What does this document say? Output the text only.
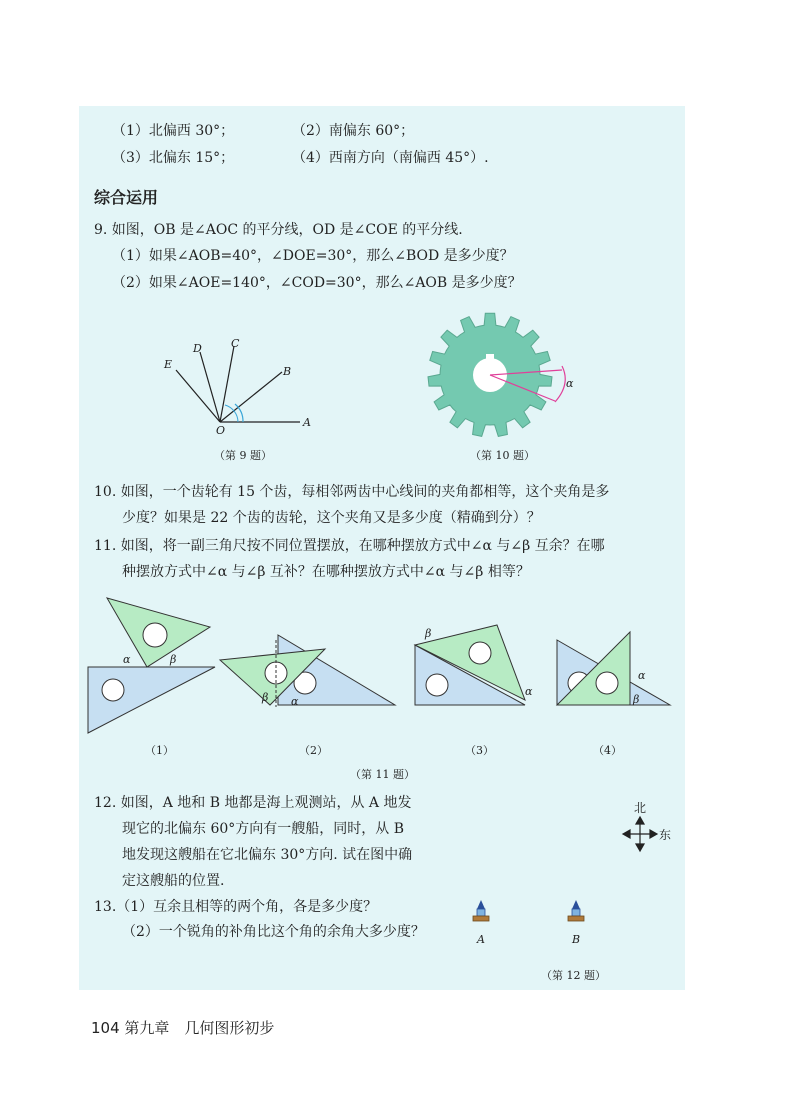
（1）北偏西 30°；	（2）南偏东 60°；
（3）北偏东 15°；	（4）西南方向（南偏西 45°）.
综合运用
9. 如图，OB 是∠AOC 的平分线，OD 是∠COE 的平分线.
（1）如果∠AOB=40°，∠DOE=30°，那么∠BOD 是多少度？
（2）如果∠AOE=140°，∠COD=30°，那么∠AOB 是多少度？
A
B
C
D
E
O
（第 9 题）
α
（第 10 题）
10. 如图，一个齿轮有 15 个齿，每相邻两齿中心线间的夹角都相等，这个夹角是多
少度？如果是 22 个齿的齿轮，这个夹角又是多少度（精确到分）？
11. 如图，将一副三角尺按不同位置摆放，在哪种摆放方式中∠α 与∠β 互余？在哪
种摆放方式中∠α 与∠β 互补？在哪种摆放方式中∠α 与∠β 相等？
α	β
β α
β
α
α
β
（1）	（2）	（3）	（4）
（第 11 题）
12. 如图，A 地和 B 地都是海上观测站，从 A 地发
现它的北偏东 60°方向有一艘船，同时，从 B
地发现这艘船在它北偏东 30°方向. 试在图中确
定这艘船的位置.
北
东
A	B
（第 12 题）
13.（1）互余且相等的两个角，各是多少度？
（2）一个锐角的补角比这个角的余角大多少度？
104 第九章　几何图形初步
